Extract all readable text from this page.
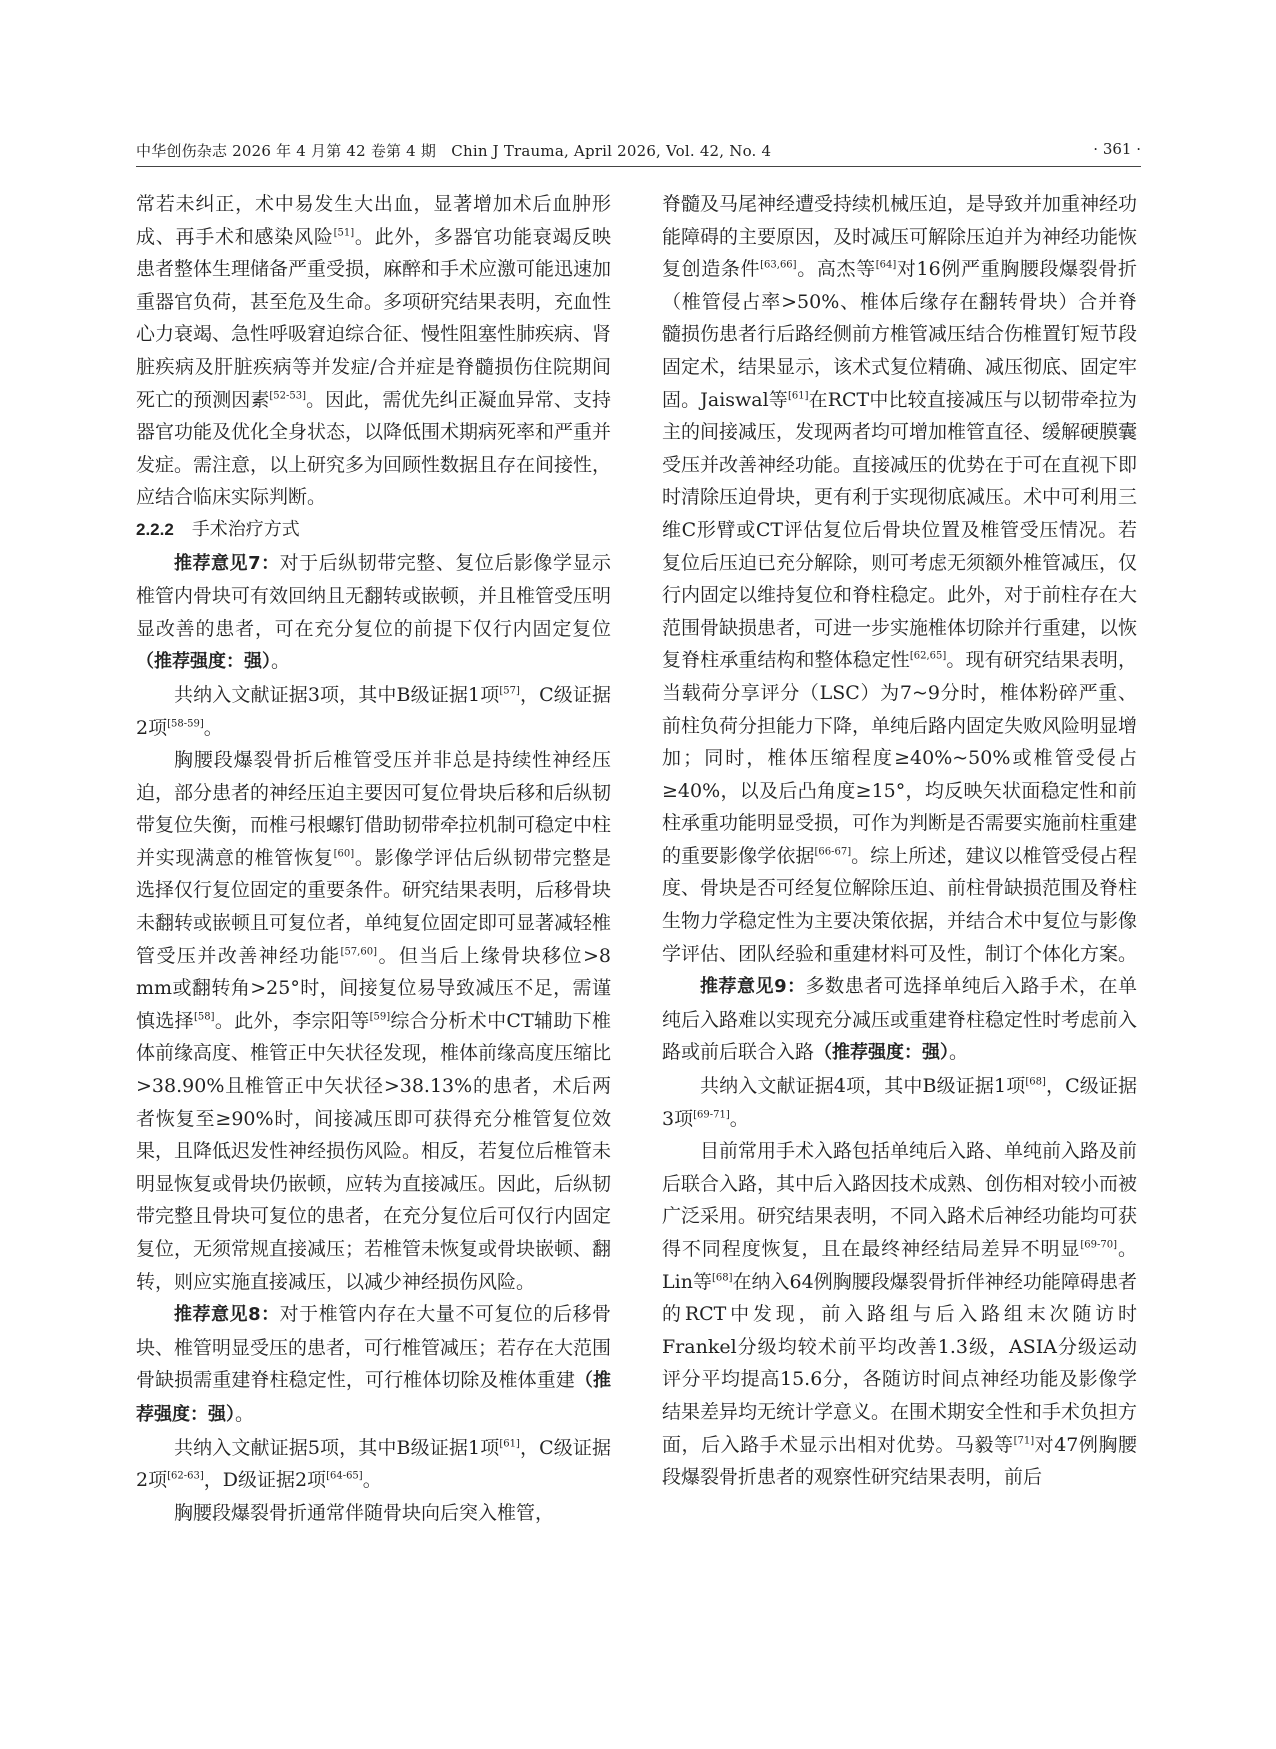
中华创伤杂志 2026 年 4 月第 42 卷第 4 期　Chin J Trauma, April 2026, Vol. 42, No. 4	· 361 ·

常若未纠正，术中易发生大出血，显著增加术后血肿形成、再手术和感染风险[51]。此外，多器官功能衰竭反映患者整体生理储备严重受损，麻醉和手术应激可能迅速加重器官负荷，甚至危及生命。多项研究结果表明，充血性心力衰竭、急性呼吸窘迫综合征、慢性阻塞性肺疾病、肾脏疾病及肝脏疾病等并发症/合并症是脊髓损伤住院期间死亡的预测因素[52-53]。因此，需优先纠正凝血异常、支持器官功能及优化全身状态，以降低围术期病死率和严重并发症。需注意，以上研究多为回顾性数据且存在间接性，应结合临床实际判断。

2.2.2 手术治疗方式

推荐意见7：对于后纵韧带完整、复位后影像学显示椎管内骨块可有效回纳且无翻转或嵌顿，并且椎管受压明显改善的患者，可在充分复位的前提下仅行内固定复位（推荐强度：强）。

共纳入文献证据3项，其中B级证据1项[57]，C级证据2项[58-59]。

胸腰段爆裂骨折后椎管受压并非总是持续性神经压迫，部分患者的神经压迫主要因可复位骨块后移和后纵韧带复位失衡，而椎弓根螺钉借助韧带牵拉机制可稳定中柱并实现满意的椎管恢复[60]。影像学评估后纵韧带完整是选择仅行复位固定的重要条件。研究结果表明，后移骨块未翻转或嵌顿且可复位者，单纯复位固定即可显著减轻椎管受压并改善神经功能[57,60]。但当后上缘骨块移位>8 mm或翻转角>25°时，间接复位易导致减压不足，需谨慎选择[58]。此外，李宗阳等[59]综合分析术中CT辅助下椎体前缘高度、椎管正中矢状径发现，椎体前缘高度压缩比>38.90%且椎管正中矢状径>38.13%的患者，术后两者恢复至≥90%时，间接减压即可获得充分椎管复位效果，且降低迟发性神经损伤风险。相反，若复位后椎管未明显恢复或骨块仍嵌顿，应转为直接减压。因此，后纵韧带完整且骨块可复位的患者，在充分复位后可仅行内固定复位，无须常规直接减压；若椎管未恢复或骨块嵌顿、翻转，则应实施直接减压，以减少神经损伤风险。

推荐意见8：对于椎管内存在大量不可复位的后移骨块、椎管明显受压的患者，可行椎管减压；若存在大范围骨缺损需重建脊柱稳定性，可行椎体切除及椎体重建（推荐强度：强）。

共纳入文献证据5项，其中B级证据1项[61]，C级证据2项[62-63]，D级证据2项[64-65]。

胸腰段爆裂骨折通常伴随骨块向后突入椎管，

脊髓及马尾神经遭受持续机械压迫，是导致并加重神经功能障碍的主要原因，及时减压可解除压迫并为神经功能恢复创造条件[63,66]。高杰等[64]对16例严重胸腰段爆裂骨折（椎管侵占率>50%、椎体后缘存在翻转骨块）合并脊髓损伤患者行后路经侧前方椎管减压结合伤椎置钉短节段固定术，结果显示，该术式复位精确、减压彻底、固定牢固。Jaiswal等[61]在RCT中比较直接减压与以韧带牵拉为主的间接减压，发现两者均可增加椎管直径、缓解硬膜囊受压并改善神经功能。直接减压的优势在于可在直视下即时清除压迫骨块，更有利于实现彻底减压。术中可利用三维C形臂或CT评估复位后骨块位置及椎管受压情况。若复位后压迫已充分解除，则可考虑无须额外椎管减压，仅行内固定以维持复位和脊柱稳定。此外，对于前柱存在大范围骨缺损患者，可进一步实施椎体切除并行重建，以恢复脊柱承重结构和整体稳定性[62,65]。现有研究结果表明，当载荷分享评分（LSC）为7~9分时，椎体粉碎严重、前柱负荷分担能力下降，单纯后路内固定失败风险明显增加；同时，椎体压缩程度≥40%~50%或椎管受侵占≥40%，以及后凸角度≥15°，均反映矢状面稳定性和前柱承重功能明显受损，可作为判断是否需要实施前柱重建的重要影像学依据[66-67]。综上所述，建议以椎管受侵占程度、骨块是否可经复位解除压迫、前柱骨缺损范围及脊柱生物力学稳定性为主要决策依据，并结合术中复位与影像学评估、团队经验和重建材料可及性，制订个体化方案。

推荐意见9：多数患者可选择单纯后入路手术，在单纯后入路难以实现充分减压或重建脊柱稳定性时考虑前入路或前后联合入路（推荐强度：强）。

共纳入文献证据4项，其中B级证据1项[68]，C级证据3项[69-71]。

目前常用手术入路包括单纯后入路、单纯前入路及前后联合入路，其中后入路因技术成熟、创伤相对较小而被广泛采用。研究结果表明，不同入路术后神经功能均可获得不同程度恢复，且在最终神经结局差异不明显[69-70]。Lin等[68]在纳入64例胸腰段爆裂骨折伴神经功能障碍患者的RCT中发现，前入路组与后入路组末次随访时Frankel分级均较术前平均改善1.3级，ASIA分级运动评分平均提高15.6分，各随访时间点神经功能及影像学结果差异均无统计学意义。在围术期安全性和手术负担方面，后入路手术显示出相对优势。马毅等[71]对47例胸腰段爆裂骨折患者的观察性研究结果表明，前后
